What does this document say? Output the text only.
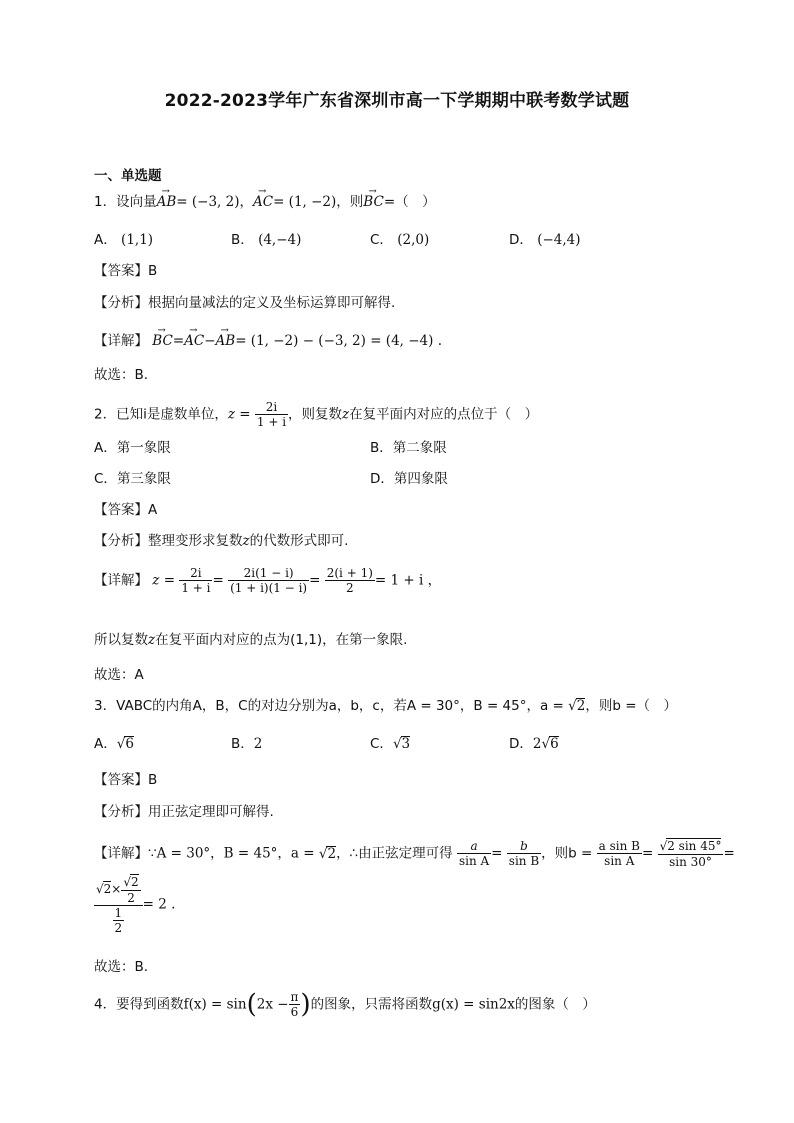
2022-2023学年广东省深圳市高一下学期期中联考数学试题
一、单选题
1．设向量→ AB= (−3, 2)，→ AC= (1, −2)，则→ BC=（　）
A． (1,1)	B． (4,−4)	C． (2,0)	D． (−4,4)
【答案】B
【分析】根据向量减法的定义及坐标运算即可解得.
【详解】 → BC=→ AC−→ AB= (1, −2) − (−3, 2) = (4, −4) .
故选：B.
2．已知i是虚数单位，$z = \frac{2i}{1 + i}$ ，则复数z在复平面内对应的点位于（　）
A．第一象限	B．第二象限
C．第三象限	D．第四象限
【答案】A
【分析】整理变形求复数z的代数形式即可.
【详解】 $z = \frac{2i}{1 + i} = \frac{2i(1 - i)}{(1 + i)(1 - i)} = \frac{2(i + 1)}{2} = 1 + i$ ，
所以复数z在复平面内对应的点为(1,1)，在第一象限.
故选：A
3．VABC的内角A，B，C的对边分别为a，b，c，若A = 30°，B = 45°，a = √2，则b =（　）
A．√6	B．2	C．√3	D．2√6
【答案】B
【分析】用正弦定理即可解得.
【详解】∵A = 30°，B = 45°，a = √2，∴由正弦定理可得 $\frac{a}{\text{sin A}} = \frac{b}{\text{sin B}}$ ，则$b = \frac{\text{a sin B}}{\text{sin A}} = \frac{√2 \sin 45^\circ}{\sin 30^\circ}$ =
$\frac{√2\times \frac{√2}{2}}{\frac{1}{2}} = 2$ .
故选：B.
4．要得到函数$f(x) = \sin(2x - \frac{\pi}{6}$ )的图象，只需将函数g(x) = sin2x的图象（　）
